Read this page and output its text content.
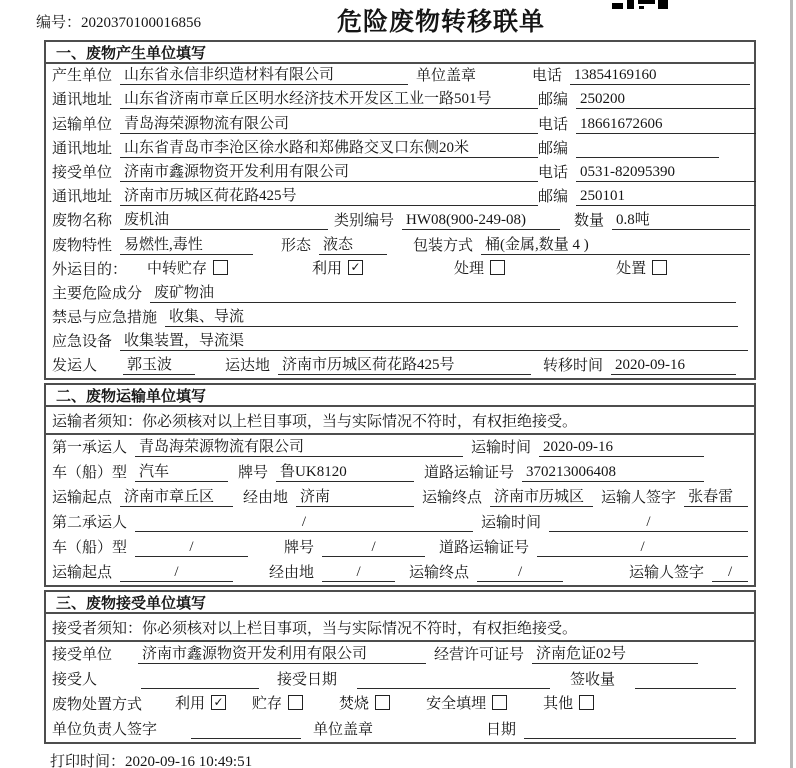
编号：2020370100016856	危险废物转移联单
一、废物产生单位填写
产生单位 山东省永信非织造材料有限公司	单位盖章	电话 13854169160
通讯地址 山东省济南市章丘区明水经济技术开发区工业一路501号	邮编 250200
运输单位 青岛海荣源物流有限公司	电话 18661672606
通讯地址 山东省青岛市李沧区徐水路和郑佛路交叉口东侧20米	邮编
接受单位 济南市鑫源物资开发利用有限公司	电话 0531-82095390
通讯地址 济南市历城区荷花路425号	邮编 250101
废物名称 废机油	类别编号 HW08(900-249-08)	数量 0.8吨
废物特性 易燃性,毒性	形态 液态	包装方式 桶(金属,数量 4 )
外运目的： 中转贮存	利用 ✓	处理	处置
主要危险成分 废矿物油
禁忌与应急措施 收集、导流
应急设备 收集装置，导流渠
发运人 郭玉波	运达地 济南市历城区荷花路425号	转移时间 2020-09-16
二、废物运输单位填写
运输者须知：你必须核对以上栏目事项，当与实际情况不符时，有权拒绝接受。
第一承运人 青岛海荣源物流有限公司	运输时间 2020-09-16
车（船）型 汽车	牌号 鲁UK8120	道路运输证号 370213006408
运输起点 济南市章丘区	经由地 济南	运输终点 济南市历城区	运输人签字 张春雷
第二承运人	/	运输时间	/
车（船）型	/	牌号	/	道路运输证号	/
运输起点	/	经由地	/	运输终点	/	运输人签字	/
三、废物接受单位填写
接受者须知：你必须核对以上栏目事项，当与实际情况不符时，有权拒绝接受。
接受单位 济南市鑫源物资开发利用有限公司	经营许可证号 济南危证02号
接受人	接受日期	签收量
废物处置方式 利用 ✓ 贮存	焚烧	安全填埋	其他
单位负责人签字	单位盖章	日期
打印时间：2020-09-16 10:49:51
